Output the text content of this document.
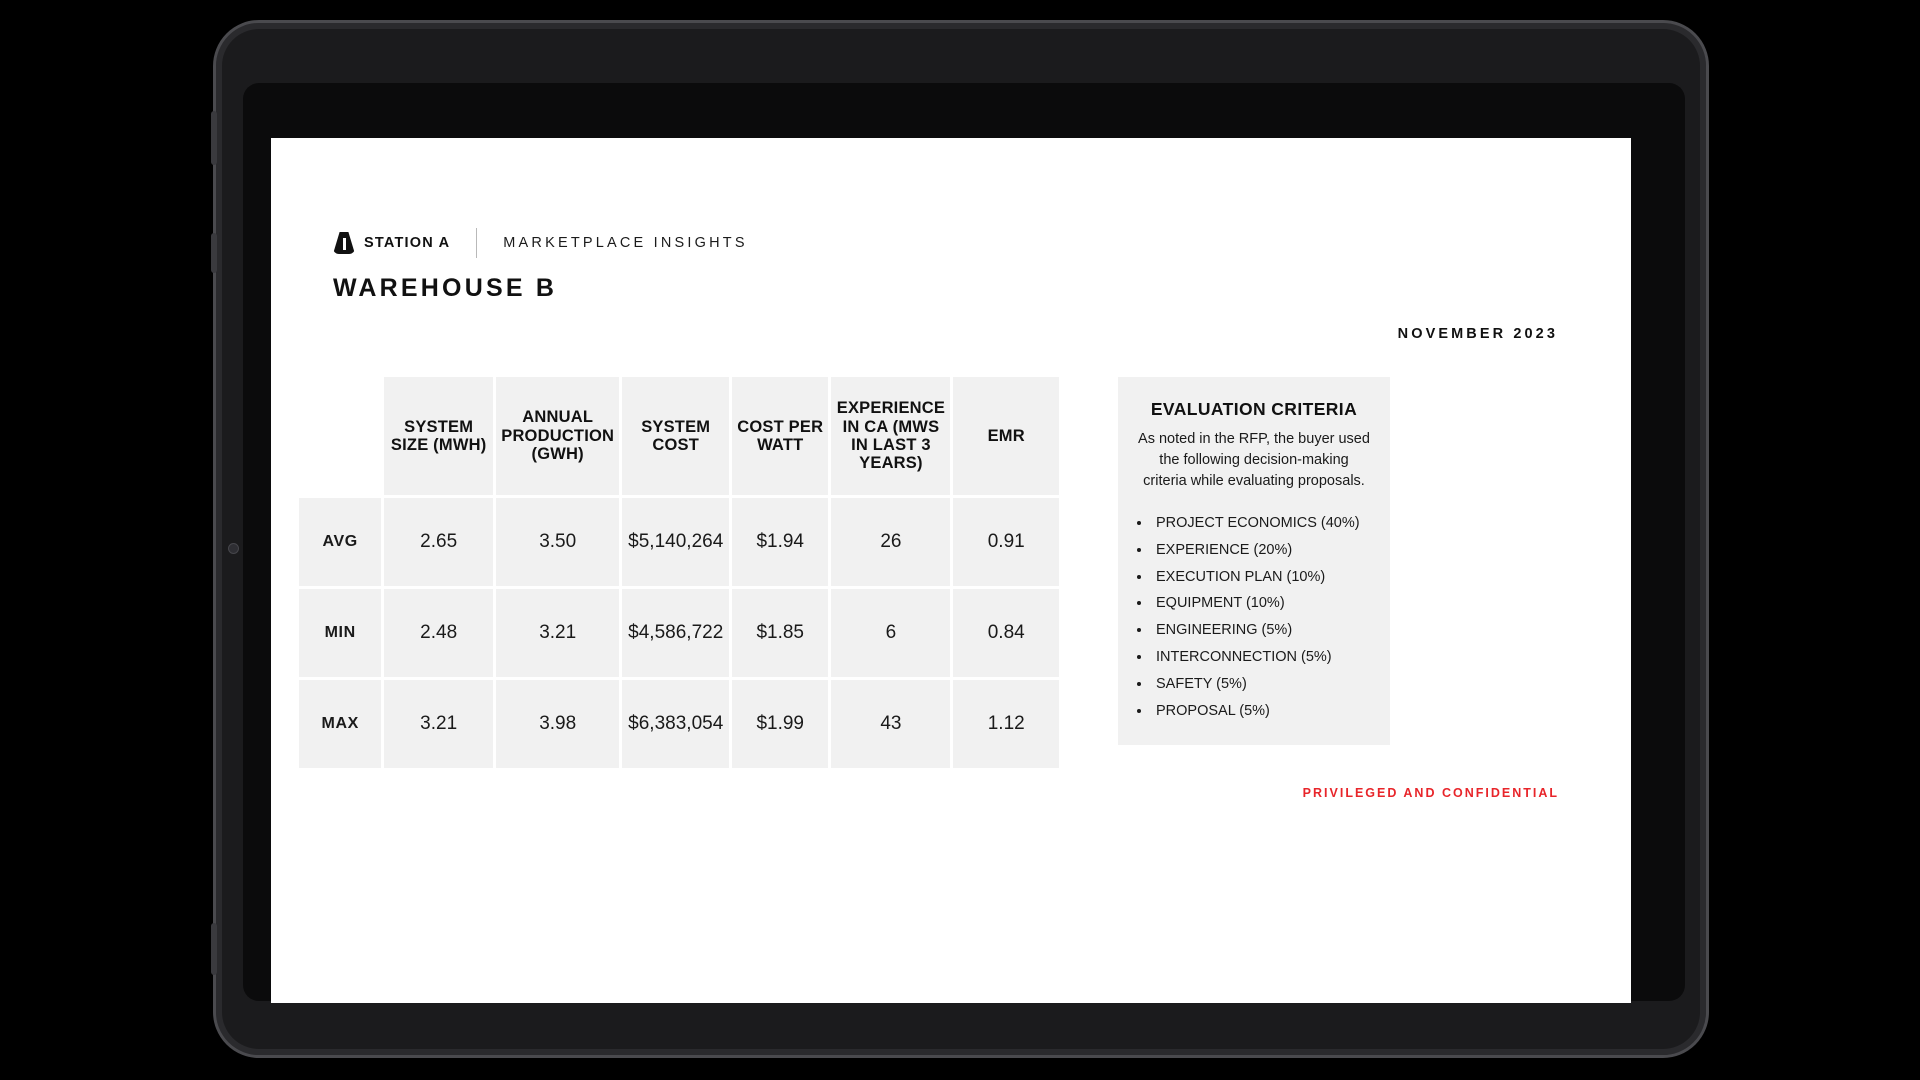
STATION A	MARKETPLACE INSIGHTS
WAREHOUSE B
NOVEMBER 2023
	SYSTEM SIZE (MWH)	ANNUAL PRODUCTION (GWH)	SYSTEM COST	COST PER WATT	EXPERIENCE IN CA (MWS IN LAST 3 YEARS)	EMR
AVG	2.65	3.50	$5,140,264	$1.94	26	0.91
MIN	2.48	3.21	$4,586,722	$1.85	6	0.84
MAX	3.21	3.98	$6,383,054	$1.99	43	1.12
EVALUATION CRITERIA
As noted in the RFP, the buyer used the following decision-making criteria while evaluating proposals.
• PROJECT ECONOMICS (40%)
• EXPERIENCE (20%)
• EXECUTION PLAN (10%)
• EQUIPMENT (10%)
• ENGINEERING (5%)
• INTERCONNECTION (5%)
• SAFETY (5%)
• PROPOSAL (5%)
PRIVILEGED AND CONFIDENTIAL
